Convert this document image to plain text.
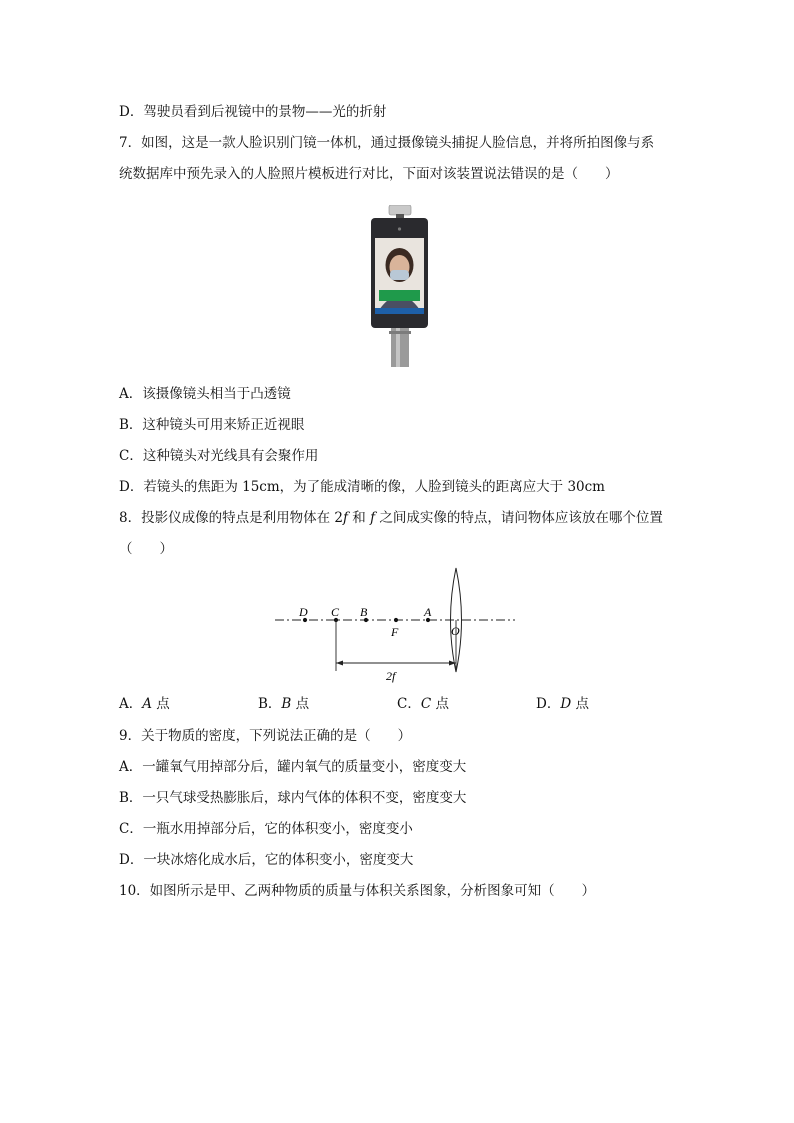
D．驾驶员看到后视镜中的景物——光的折射
7．如图，这是一款人脸识别门镜一体机，通过摄像镜头捕捉人脸信息，并将所拍图像与系
统数据库中预先录入的人脸照片模板进行对比，下面对该装置说法错误的是（　　）
A．该摄像镜头相当于凸透镜
B．这种镜头可用来矫正近视眼
C．这种镜头对光线具有会聚作用
D．若镜头的焦距为 15cm，为了能成清晰的像，人脸到镜头的距离应大于 30cm
8．投影仪成像的特点是利用物体在 2f 和 f 之间成实像的特点，请问物体应该放在哪个位置
（　　）
D C B
F
A
O
2f
A．A 点	B．B 点	C．C 点	D．D 点
9．关于物质的密度，下列说法正确的是（　　）
A．一罐氧气用掉部分后，罐内氧气的质量变小，密度变大
B．一只气球受热膨胀后，球内气体的体积不变，密度变大
C．一瓶水用掉部分后，它的体积变小，密度变小
D．一块冰熔化成水后，它的体积变小，密度变大
10．如图所示是甲、乙两种物质的质量与体积关系图象，分析图象可知（　　）
